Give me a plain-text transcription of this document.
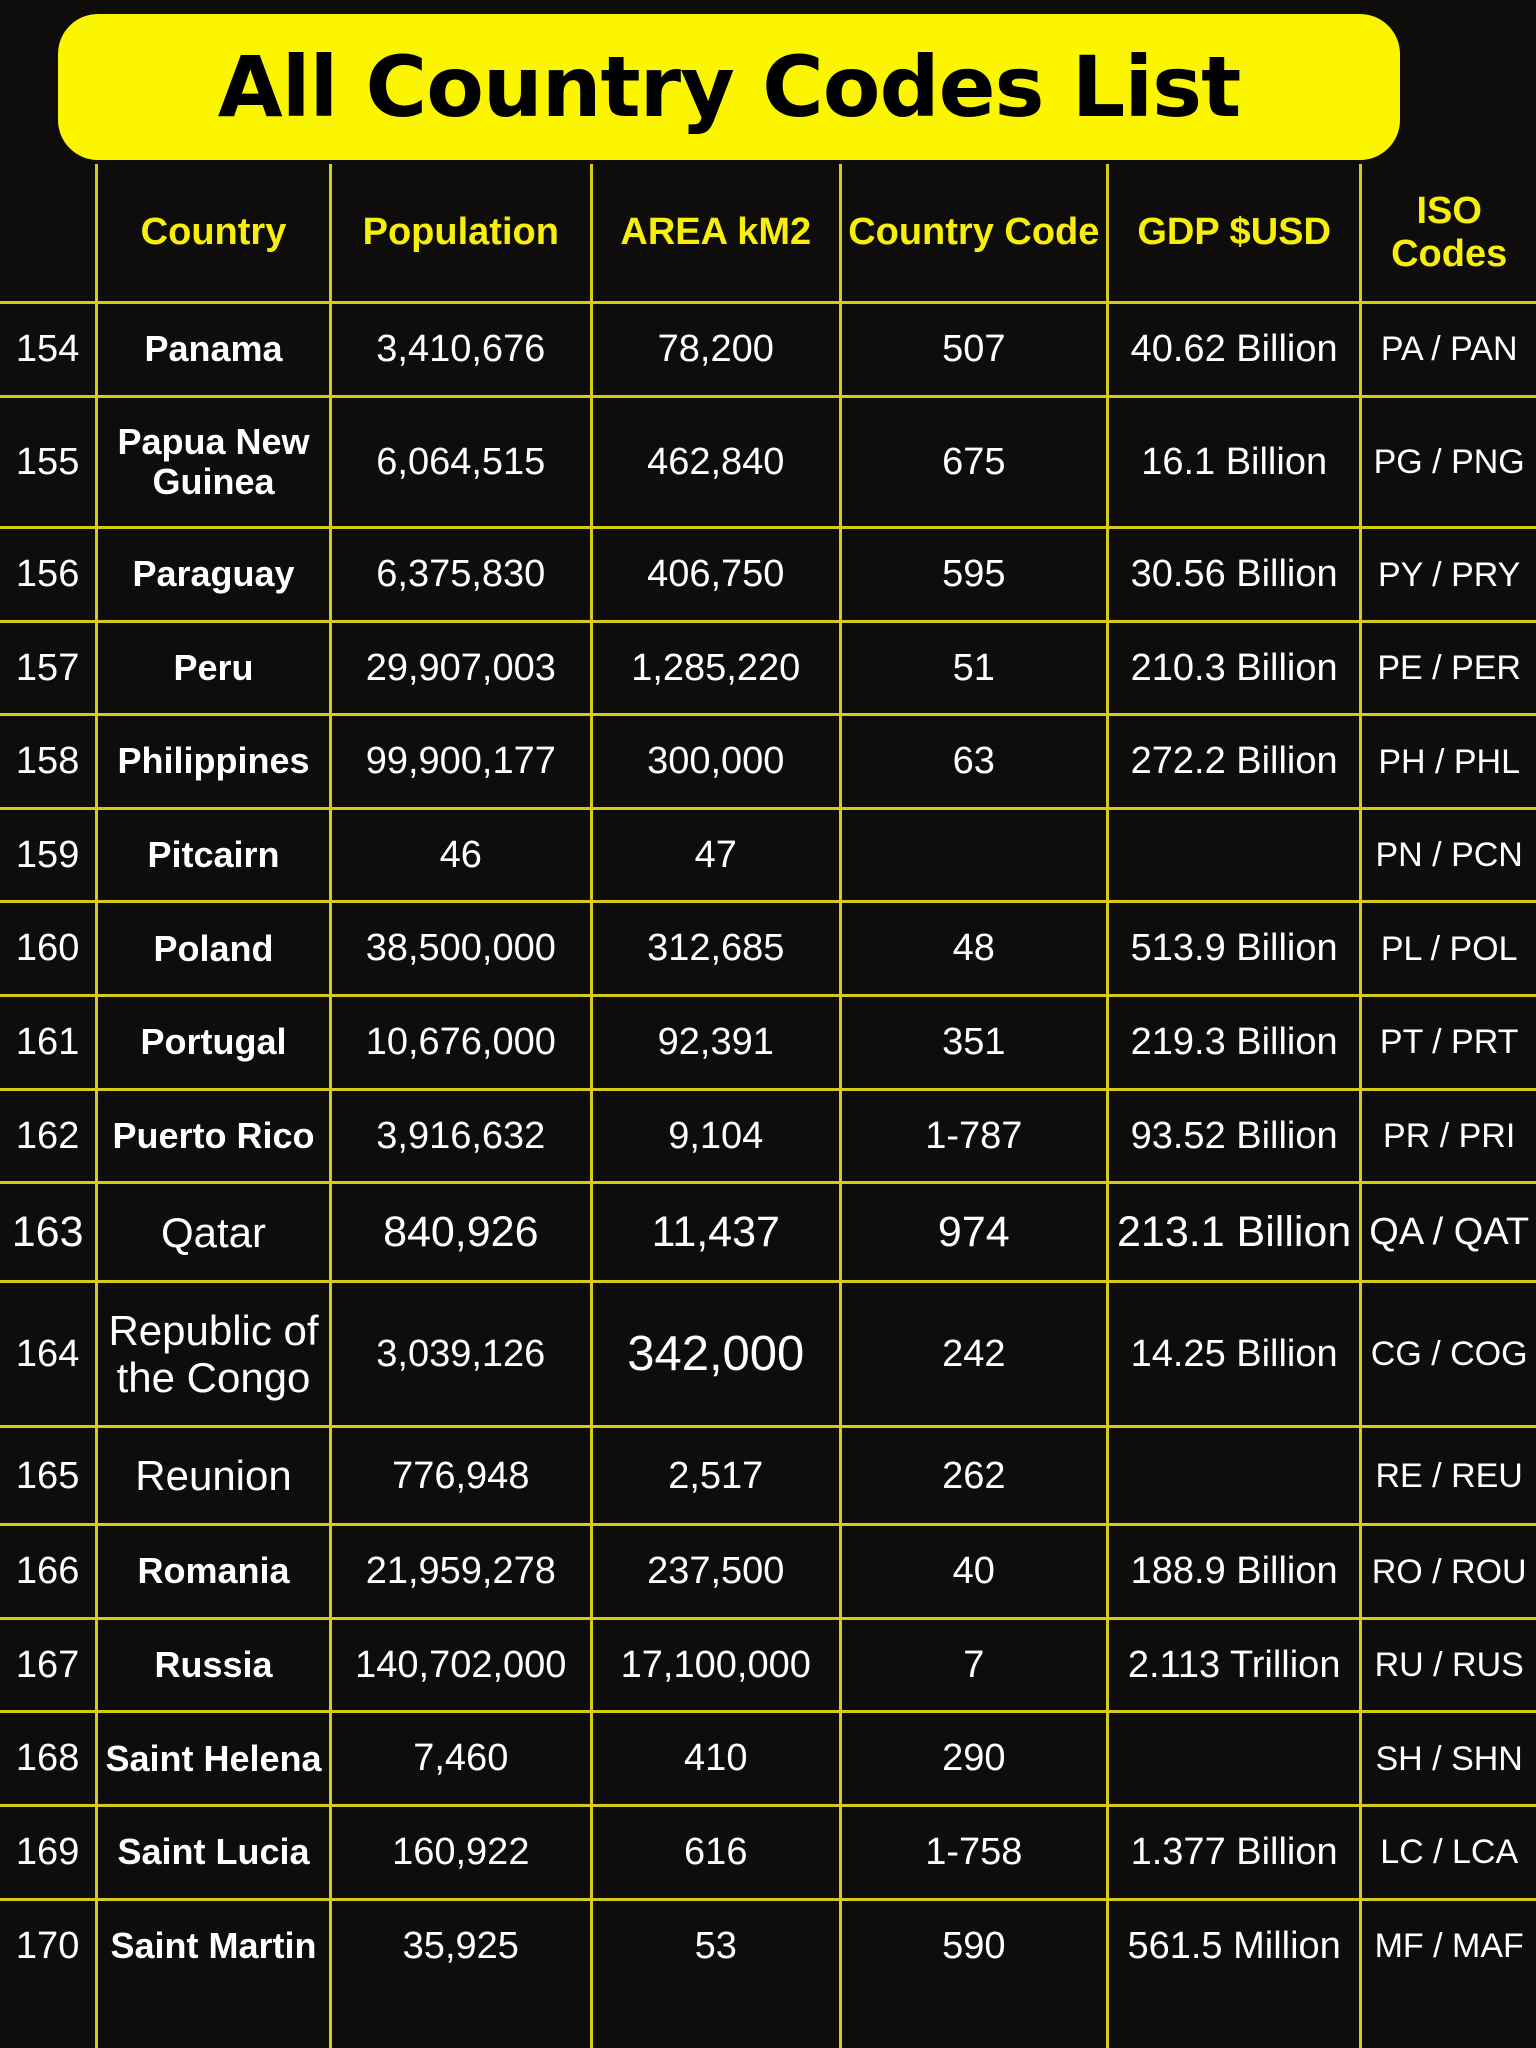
All Country Codes List
	Country	Population	AREA kM2	Country Code	GDP $USD	ISO Codes
154	Panama	3,410,676	78,200	507	40.62 Billion	PA / PAN
155	Papua New Guinea	6,064,515	462,840	675	16.1 Billion	PG / PNG
156	Paraguay	6,375,830	406,750	595	30.56 Billion	PY / PRY
157	Peru	29,907,003	1,285,220	51	210.3 Billion	PE / PER
158	Philippines	99,900,177	300,000	63	272.2 Billion	PH / PHL
159	Pitcairn	46	47			PN / PCN
160	Poland	38,500,000	312,685	48	513.9 Billion	PL / POL
161	Portugal	10,676,000	92,391	351	219.3 Billion	PT / PRT
162	Puerto Rico	3,916,632	9,104	1-787	93.52 Billion	PR / PRI
163	Qatar	840,926	11,437	974	213.1 Billion	QA / QAT
164	Republic of the Congo	3,039,126	342,000	242	14.25 Billion	CG / COG
165	Reunion	776,948	2,517	262		RE / REU
166	Romania	21,959,278	237,500	40	188.9 Billion	RO / ROU
167	Russia	140,702,000	17,100,000	7	2.113 Trillion	RU / RUS
168	Saint Helena	7,460	410	290		SH / SHN
169	Saint Lucia	160,922	616	1-758	1.377 Billion	LC / LCA
170	Saint Martin	35,925	53	590	561.5 Million	MF / MAF
